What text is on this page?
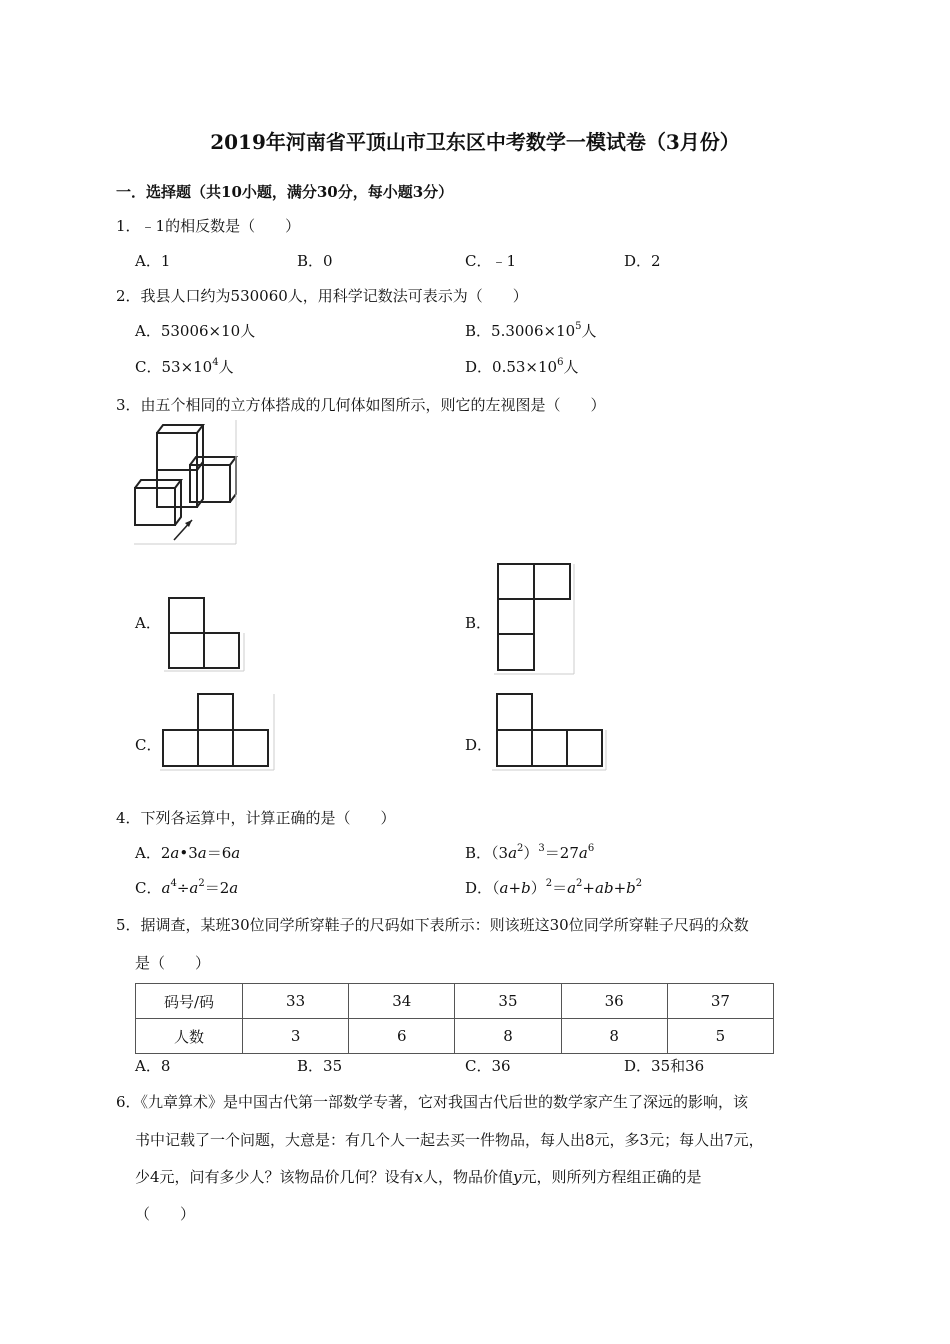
2019年河南省平顶山市卫东区中考数学一模试卷（3月份）
一．选择题（共10小题，满分30分，每小题3分）
1．﹣1的相反数是（　　）
A．1	B．0	C．﹣1	D．2
2．我县人口约为530060人，用科学记数法可表示为（　　）
A．53006×10人	B．$5.3006\times 10^5$人
C．$53\times 10^4$人	D．$0.53\times 10^6$人
3．由五个相同的立方体搭成的几何体如图所示，则它的左视图是（　　）
A．	B．
C．	D．
4．下列各运算中，计算正确的是（　　）
A．2a•3a＝6a	B．$(3a^2)^3=27a^6$
C．$a^4\div a^2=2a$	D．$(a+b)^2=a^2+ab+b^2$
5．据调查，某班30位同学所穿鞋子的尺码如下表所示：则该班这30位同学所穿鞋子尺码的众数
是（　　）
码号/码	33	34	35	36	37
人数	3	6	8	8	5
A．8	B．35	C．36	D．35和36
6．《九章算术》是中国古代第一部数学专著，它对我国古代后世的数学家产生了深远的影响，该
书中记载了一个问题，大意是：有几个人一起去买一件物品，每人出8元，多3元；每人出7元，
少4元，问有多少人？该物品价几何？设有x人，物品价值y元，则所列方程组正确的是
（　　）
